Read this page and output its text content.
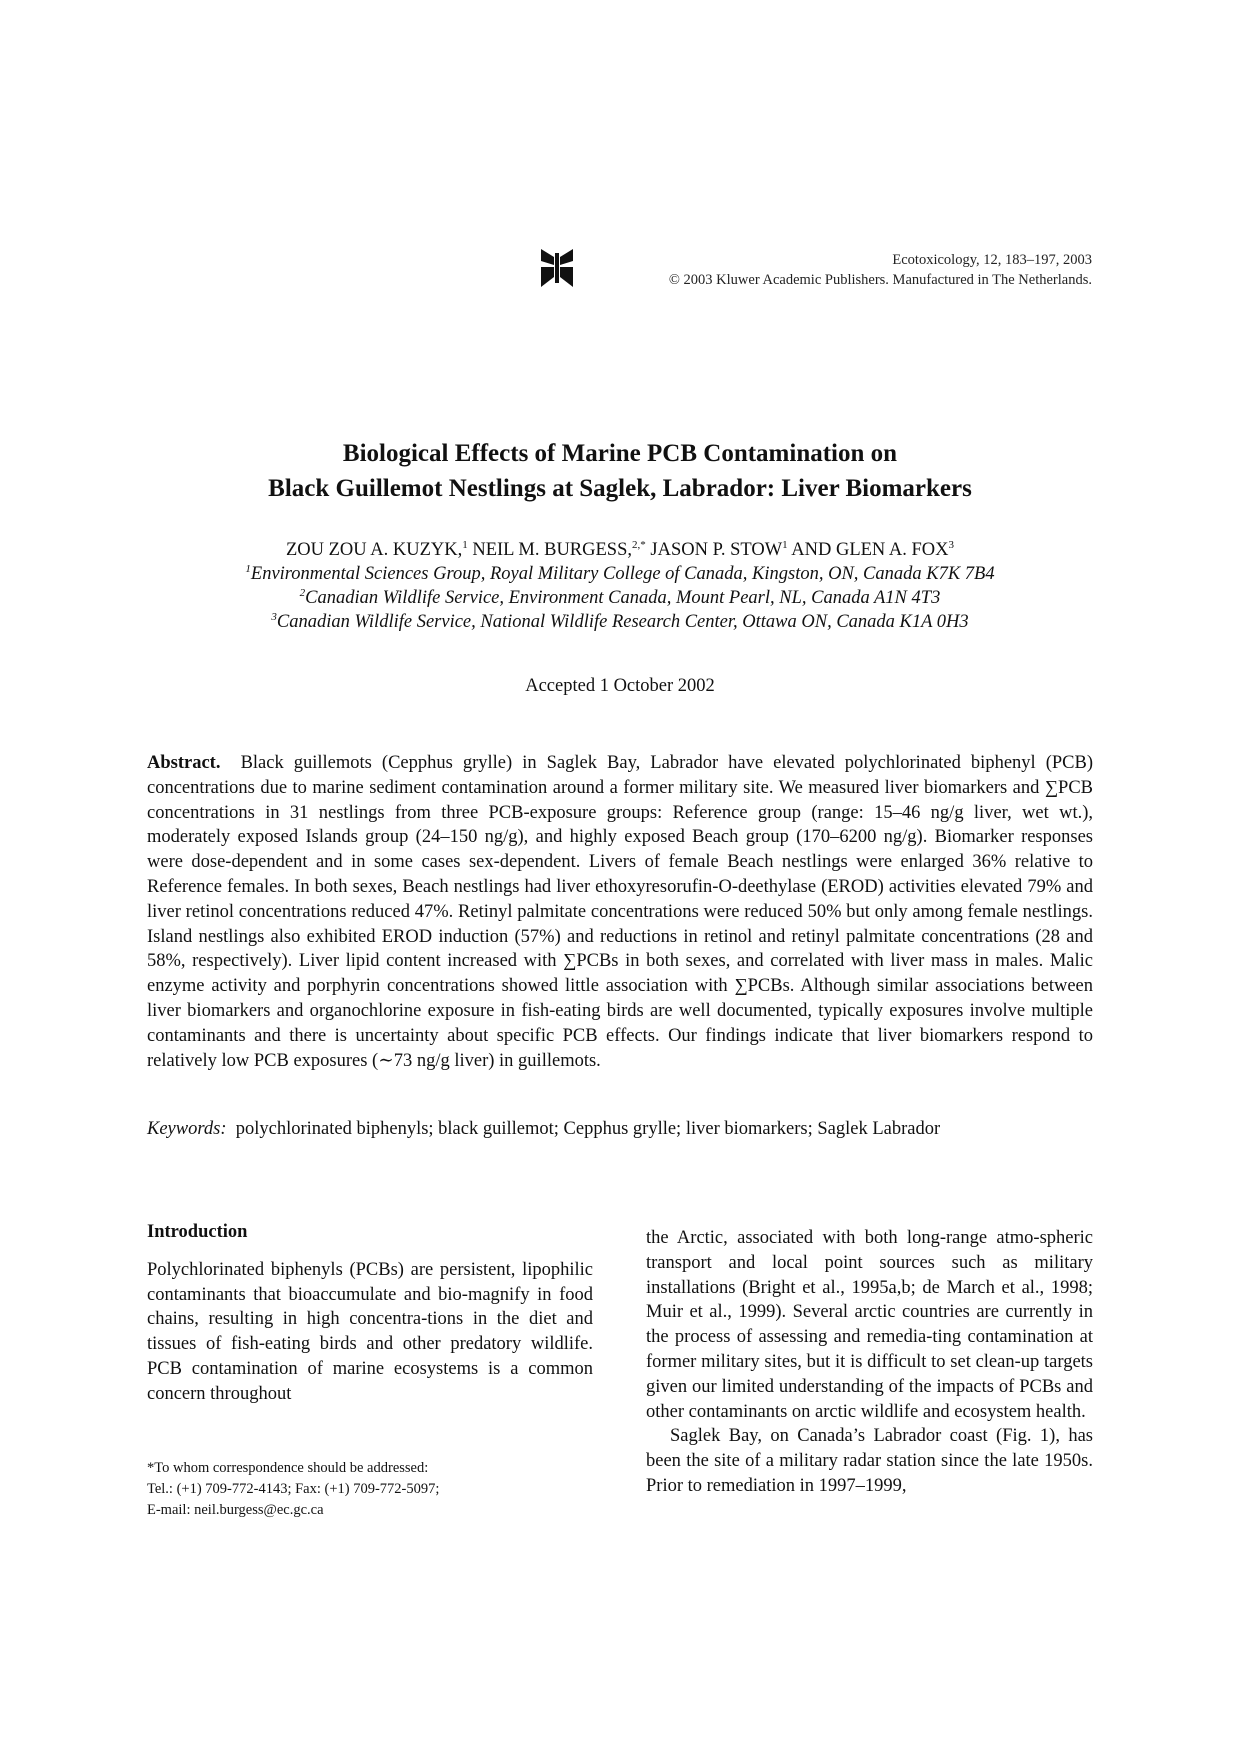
Ecotoxicology, 12, 183–197, 2003
© 2003 Kluwer Academic Publishers. Manufactured in The Netherlands.
Biological Effects of Marine PCB Contamination on
Black Guillemot Nestlings at Saglek, Labrador: Liver Biomarkers
ZOU ZOU A. KUZYK,$^1$ NEIL M. BURGESS,$^{2,*}$ JASON P. STOW$^1$ AND GLEN A. FOX$^3$
$^1$Environmental Sciences Group, Royal Military College of Canada, Kingston, ON, Canada K7K 7B4
$^2$Canadian Wildlife Service, Environment Canada, Mount Pearl, NL, Canada A1N 4T3
$^3$Canadian Wildlife Service, National Wildlife Research Center, Ottawa ON, Canada K1A 0H3
Accepted 1 October 2002
Abstract. Black guillemots (Cepphus grylle) in Saglek Bay, Labrador have elevated polychlorinated biphenyl (PCB) concentrations due to marine sediment contamination around a former military site. We measured liver biomarkers and ∑PCB concentrations in 31 nestlings from three PCB-exposure groups: Reference group (range: 15–46 ng/g liver, wet wt.), moderately exposed Islands group (24–150 ng/g), and highly exposed Beach group (170–6200 ng/g). Biomarker responses were dose-dependent and in some cases sex-dependent. Livers of female Beach nestlings were enlarged 36% relative to Reference females. In both sexes, Beach nestlings had liver ethoxyresorufin-O-deethylase (EROD) activities elevated 79% and liver retinol concentrations reduced 47%. Retinyl palmitate concentrations were reduced 50% but only among female nestlings. Island nestlings also exhibited EROD induction (57%) and reductions in retinol and retinyl palmitate concentrations (28 and 58%, respectively). Liver lipid content increased with ∑PCBs in both sexes, and correlated with liver mass in males. Malic enzyme activity and porphyrin concentrations showed little association with ∑PCBs. Although similar associations between liver biomarkers and organochlorine exposure in fish-eating birds are well documented, typically exposures involve multiple contaminants and there is uncertainty about specific PCB effects. Our findings indicate that liver biomarkers respond to relatively low PCB exposures (∼73 ng/g liver) in guillemots.
Keywords: polychlorinated biphenyls; black guillemot; Cepphus grylle; liver biomarkers; Saglek Labrador
Introduction
Polychlorinated biphenyls (PCBs) are persistent, lipophilic contaminants that bioaccumulate and bio-magnify in food chains, resulting in high concentra-tions in the diet and tissues of fish-eating birds and other predatory wildlife. PCB contamination of marine ecosystems is a common concern throughout
*To whom correspondence should be addressed:
Tel.: (+1) 709-772-4143; Fax: (+1) 709-772-5097;
E-mail: neil.burgess@ec.gc.ca
the Arctic, associated with both long-range atmo-spheric transport and local point sources such as military installations (Bright et al., 1995a,b; de March et al., 1998; Muir et al., 1999). Several arctic countries are currently in the process of assessing and remedia-ting contamination at former military sites, but it is difficult to set clean-up targets given our limited understanding of the impacts of PCBs and other contaminants on arctic wildlife and ecosystem health.
Saglek Bay, on Canada’s Labrador coast (Fig. 1), has been the site of a military radar station since the late 1950s. Prior to remediation in 1997–1999,
